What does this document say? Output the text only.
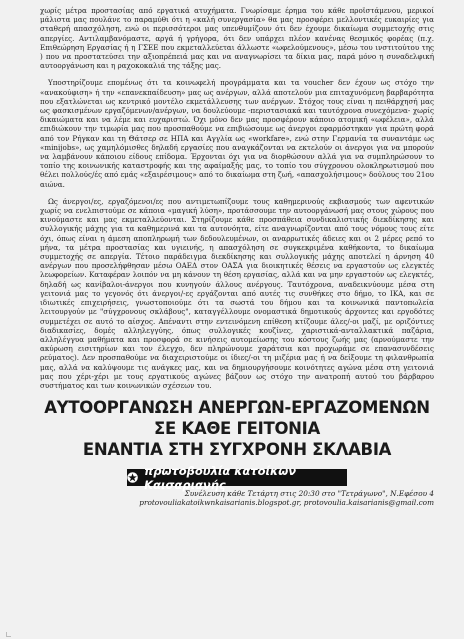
χωρίς μέτρα προστασίας από εργατικά ατυχήματα. Γνωρίσαμε έρημα του κάθε προϊστάμενου, μερικοί μάλιστα μας πουλάνε το παραμύθι ότι η «καλή συνεργασία» θα μας προσφέρει μελλοντικές ευκαιρίες για σταθερή απασχόληση, ενώ οι περισσότεροι μας υπενθυμίζουν ότι δεν έχουμε δικαίωμα συμμετοχής στις απεργίες. Αντιλαμβανόμαστε, αργά ή γρήγορα, ότι δεν υπάρχει πλέον κανένας θεσμικός φορέας (π.χ. Επιθεώρηση Εργασίας ή η ΓΣΕΕ που εκμεταλλεύεται άλλωστε «ωφελούμενους», μέσω του ινστιτούτου της ) που να προστατεύσει την αξιοπρέπειά μας και να αναγνωρίσει τα δίκια μας, παρά μόνο η συναδελφική αυτοοργάνωση και η ραχοκοκαλιά της τάξης μας.

Υποστηρίζουμε επομένως ότι τα κοινωφελή προγράμματα και τα voucher δεν έχουν ως στόχο την «ανακούφιση» ή την «επανεκπαίδευση» μας ως ανέργων, αλλά αποτελούν μια επιταχυνόμενη βαρβαρότητα που εξατλώνεται ως κεντρικό μοντέλο εκμετάλλευσης των ανέργων. Στόχος τους είναι η πειθάρχησή μας ως φασκισμένων εργαζόμενων/ανέργων, να δουλεύουμε -περιστασιακά και ταυτόχρονα συνεχόμενα- χωρίς δικαιώματα και να λέμε και ευχαριστώ. Όχι μόνο δεν μας προσφέρουν κάποιο ατομική «ωφέλεια», αλλά επιδιώκουν την τιμωρία μας που προσπαθούμε να επιβιώσουμε ως άνεργοι εφαρμόστηκαν για πρώτη φορά από τον Ρήγκαν και τη Θάτσερ σε ΗΠΑ και Αγγλία ως «workfare», ενώ στην Γερμανία τα συναντάμε ως «minijobs», ως χαμηλόμισθες δηλαδή εργασίες που αναγκάζονται να εκτελούν οι άνεργοι για να μπορούν να λαμβάνουν κάποιου είδους επίδομα. Έρχονται όχι για να διορθώσουν αλλά για να συμπληρώσουν το τοπίο της κοινωνικής καταστροφής και της αφαίμαξής μας, το τοπίο του σύγχρονου ολοκληρωτισμού που θέλει πολλούς/ές από εμάς «εξαιρέσιμους» από το δικαίωμα στη ζωή, «απασχολήσιμους» δούλους του 21ου αιώνα.

Ως άνεργοι/ες, εργαζόμενοι/ες που αντιμετωπίζουμε τους καθημερινούς εκβιασμούς των αφεντικών χωρίς να ενελπιστούμε σε κάποια «μαγική λύση», προτάσσουμε την αυτοοργάνωσή μας στους χώρους που κινούμαστε και μας εκμεταλλεύονται. Στηρίζουμε κάθε προσπάθεια συνδικαλιστικής διεκδίκησης και συλλογικής μάχης για τα καθημερινά και τα αυτονόητα, είτε αναγνωρίζονται από τους νόμους τους είτε όχι, όπως είναι η άμεση αποπληρωμή των δεδουλευμένων, οι αναρρωτικές άδειες και οι 2 μέρες ρεπό το μήνα, τα μέτρα προστασίας και υγιεινής, η απασχόληση σε συγκεκριμένα καθήκοντα, το δικαίωμα συμμετοχής σε απεργία. Τέτοιο παράδειγμα διεκδίκησης και συλλογικής μάχης αποτελεί η άρνηση 40 ανέργων που προσελήφθησαν μέσω ΟΑΕΔ στον ΟΑΣΑ για διοικητικές θέσεις να εργαστούν ως ελεγκτές λεωφορείων. Καταφέραν λοιπόν να μη κάνουν τη θέση εργασίας, αλλά και να μην εργαστούν ως ελεγκτές, δηλαδή ως κανίβαλοι-άνεργοι που κυνηγούν άλλους ανέργους. Ταυτόχρονα, αναδεικνύουμε μέσα στη γειτονιά μας το γεγονός ότι άνεργοι/-ες εργάζονται από αυτές τις συνθήκες στο δήμο, το ΙΚΑ, και σε ιδιωτικές επιχειρήσεις, γνωστοποιούμε ότι τα σωστά του δήμου και τα κοινωνικά παντοπωλεία λειτουργούν με "σύγχρονους σκλάβους", καταγγέλλουμε ονομαστικά δημοτικούς άρχοντες και εργοδότες συμμετέχει σε αυτό το αίσχος. Απέναντι στην εντεινόμενη επίθεση κτίζουμε άλες/-οι μαζί, με οριζόντιες διαδικασίες, δομές αλληλεγγύης, όπως συλλογικές κουζίνες, χαριστικά-ανταλλακτικά παζάρια, αλληλέγγυα μαθήματα και προσφορά σε κινήσεις αυτομείωσης του κόστους ζωής μας (αρνούμαστε την ακύρωση εισιτηρίων και τον έλεγχο, δεν πληρώνουμε χαράτσια και προχωράμε σε επανασυνδέσεις ρεύματος). Δεν προσπαθούμε να διαχειριστούμε οι ίδιες/-οι τη μιζέρια μας ή να δείξουμε τη φιλανθρωπία μας, αλλά να καλύψουμε τις ανάγκες μας, και να δημιουργήσουμε κοινότητες αγώνα μέσα στη γειτονιά μας που χέρι-χέρι με τους εργατικούς αγώνες βάζουν ως στόχο την ανατροπή αυτού του βάρβαρου συστήματος και των κοινωνικών σχέσεων του.

ΑΥΤΟΟΡΓΑΝΩΣΗ ΑΝΕΡΓΩΝ-ΕΡΓΑΖΟΜΕΝΩΝ
ΣΕ ΚΑΘΕ ΓΕΙΤΟΝΙΑ
ΕΝΑΝΤΙΑ ΣΤΗ ΣΥΓΧΡΟΝΗ ΣΚΛΑΒΙΑ
πρωτοβουλία κατοίκων Καισαριανής
Συνέλευση κάθε Τετάρτη στις 20:30 στο "Τετράγωνο", Ν.Εφέσου 4
protovouliakatoikwnkaisarianis.blogspot.gr, protovoulia.kaisarianis@gmail.com
